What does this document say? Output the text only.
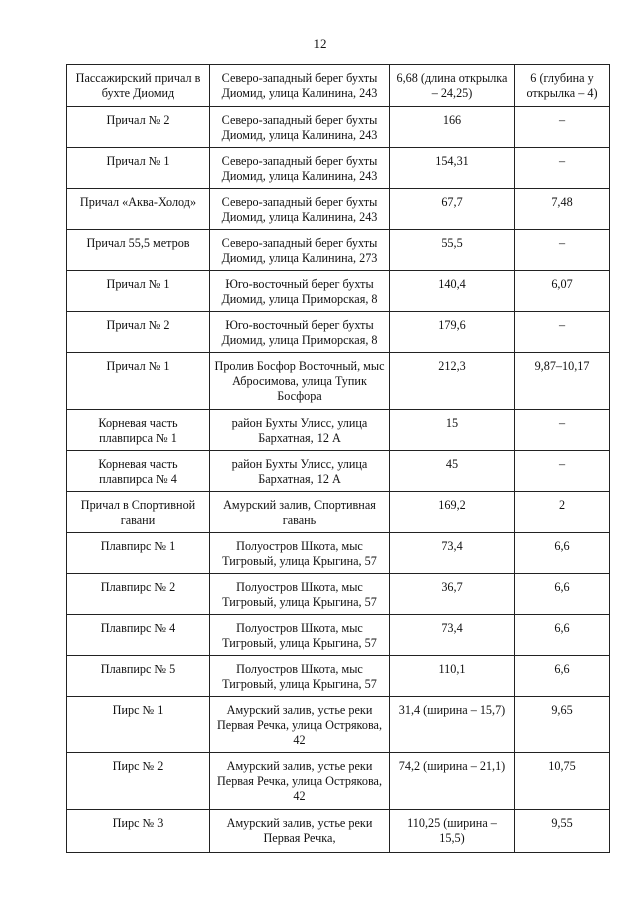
12
Пассажирский причал в бухте Диомид	Северо-западный берег бухты Диомид, улица Калинина, 243	6,68 (длина открылка – 24,25)	6 (глубина у открылка – 4)
Причал № 2	Северо-западный берег бухты Диомид, улица Калинина, 243	166	–
Причал № 1	Северо-западный берег бухты Диомид, улица Калинина, 243	154,31	–
Причал «Аква-Холод»	Северо-западный берег бухты Диомид, улица Калинина, 243	67,7	7,48
Причал 55,5 метров	Северо-западный берег бухты Диомид, улица Калинина, 273	55,5	–
Причал № 1	Юго-восточный берег бухты Диомид, улица Приморская, 8	140,4	6,07
Причал № 2	Юго-восточный берег бухты Диомид, улица Приморская, 8	179,6	–
Причал № 1	Пролив Босфор Восточный, мыс Абросимова, улица Тупик Босфора	212,3	9,87–10,17
Корневая часть плавпирса № 1	район Бухты Улисс, улица Бархатная, 12 А	15	–
Корневая часть плавпирса № 4	район Бухты Улисс, улица Бархатная, 12 А	45	–
Причал в Спортивной гавани	Амурский залив, Спортивная гавань	169,2	2
Плавпирс № 1	Полуостров Шкота, мыс Тигровый, улица Крыгина, 57	73,4	6,6
Плавпирс № 2	Полуостров Шкота, мыс Тигровый, улица Крыгина, 57	36,7	6,6
Плавпирс № 4	Полуостров Шкота, мыс Тигровый, улица Крыгина, 57	73,4	6,6
Плавпирс № 5	Полуостров Шкота, мыс Тигровый, улица Крыгина, 57	110,1	6,6
Пирс № 1	Амурский залив, устье реки Первая Речка, улица Острякова, 42	31,4 (ширина – 15,7)	9,65
Пирс № 2	Амурский залив, устье реки Первая Речка, улица Острякова, 42	74,2 (ширина – 21,1)	10,75
Пирс № 3	Амурский залив, устье реки Первая Речка,	110,25 (ширина – 15,5)	9,55
